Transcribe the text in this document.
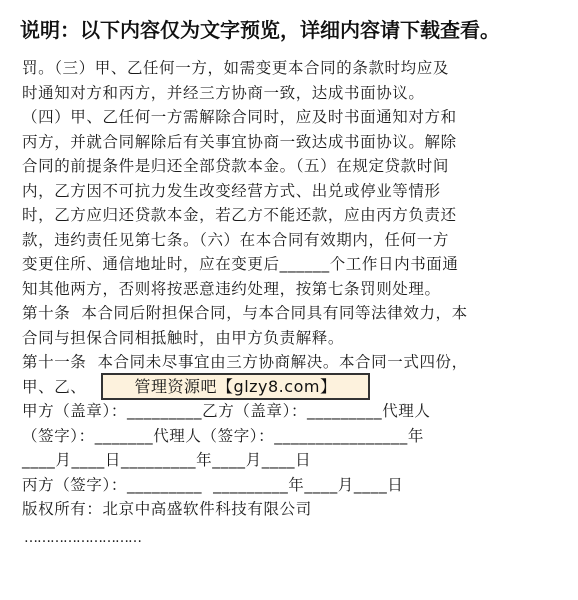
说明：以下内容仅为文字预览，详细内容请下载查看。
罚。（三）甲、乙任何一方，如需变更本合同的条款时均应及
时通知对方和丙方，并经三方协商一致，达成书面协议。
（四）甲、乙任何一方需解除合同时，应及时书面通知对方和
丙方，并就合同解除后有关事宜协商一致达成书面协议。解除
合同的前提条件是归还全部贷款本金。（五）在规定贷款时间
内，乙方因不可抗力发生改变经营方式、出兑或停业等情形
时，乙方应归还贷款本金，若乙方不能还款，应由丙方负责还
款，违约责任见第七条。（六）在本合同有效期内，任何一方
变更住所、通信地址时，应在变更后______个工作日内书面通
知其他两方，否则将按恶意违约处理，按第七条罚则处理。
第十条  本合同后附担保合同，与本合同具有同等法律效力，本
合同与担保合同相抵触时，由甲方负责解释。
第十一条  本合同未尽事宜由三方协商解决。本合同一式四份，
甲、乙、
甲方（盖章）：_________乙方（盖章）：_________代理人
（签字）：_______代理人（签字）：________________年
____月____日_________年____月____日
丙方（签字）：_________  _________年____月____日
版权所有：北京中高盛软件科技有限公司
管理资源吧【glzy8.com】
………………………
